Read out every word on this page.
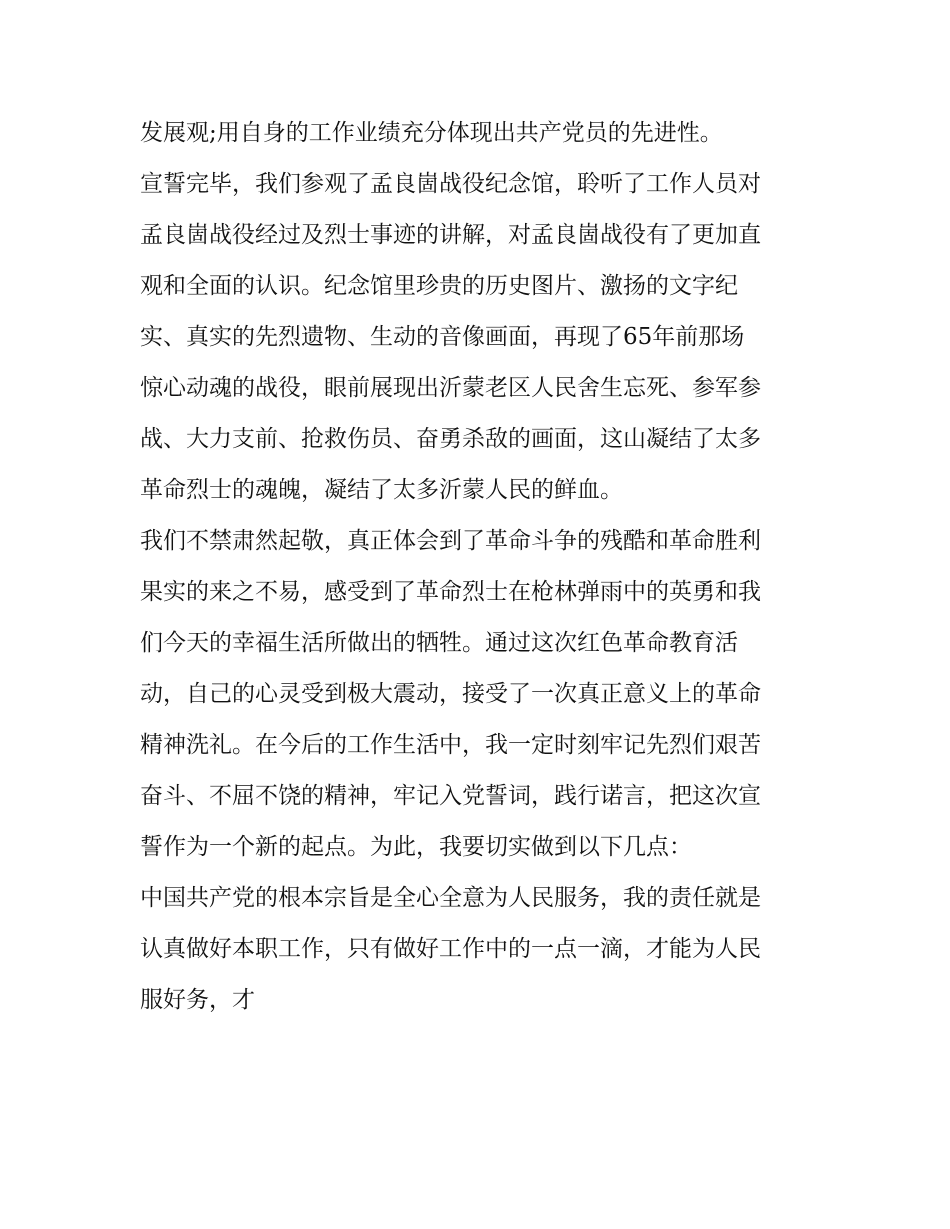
发展观;用自身的工作业绩充分体现出共产党员的先进性。
宣誓完毕，我们参观了孟良崮战役纪念馆，聆听了工作人员对
孟良崮战役经过及烈士事迹的讲解，对孟良崮战役有了更加直
观和全面的认识。纪念馆里珍贵的历史图片、激扬的文字纪
实、真实的先烈遗物、生动的音像画面，再现了65年前那场
惊心动魂的战役，眼前展现出沂蒙老区人民舍生忘死、参军参
战、大力支前、抢救伤员、奋勇杀敌的画面，这山凝结了太多
革命烈士的魂魄，凝结了太多沂蒙人民的鲜血。
我们不禁肃然起敬，真正体会到了革命斗争的残酷和革命胜利
果实的来之不易，感受到了革命烈士在枪林弹雨中的英勇和我
们今天的幸福生活所做出的牺牲。通过这次红色革命教育活
动，自己的心灵受到极大震动，接受了一次真正意义上的革命
精神洗礼。在今后的工作生活中，我一定时刻牢记先烈们艰苦
奋斗、不屈不饶的精神，牢记入党誓词，践行诺言，把这次宣
誓作为一个新的起点。为此，我要切实做到以下几点：
中国共产党的根本宗旨是全心全意为人民服务，我的责任就是
认真做好本职工作，只有做好工作中的一点一滴，才能为人民
服好务，才
